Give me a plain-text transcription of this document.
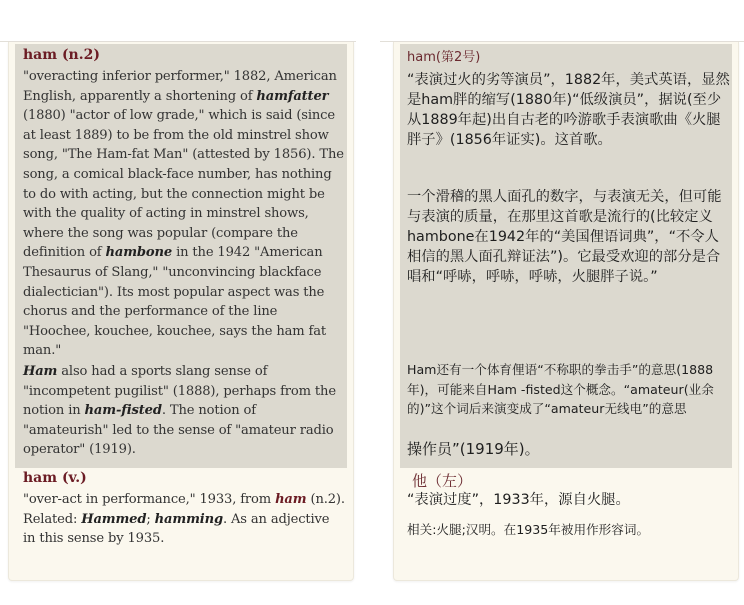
ham (n.2)

"overacting inferior performer," 1882, American English, apparently a shortening of hamfatter (1880) "actor of low grade," which is said (since at least 1889) to be from the old minstrel show song, "The Ham-fat Man" (attested by 1856). The song, a comical black-face number, has nothing to do with acting, but the connection might be with the quality of acting in minstrel shows, where the song was popular (compare the definition of hambone in the 1942 "American Thesaurus of Slang," "unconvincing blackface dialectician"). Its most popular aspect was the chorus and the performance of the line "Hoochee, kouchee, kouchee, says the ham fat man."

Ham also had a sports slang sense of "incompetent pugilist" (1888), perhaps from the notion in ham-fisted. The notion of "amateurish" led to the sense of "amateur radio operator" (1919).

ham (v.)

"over-act in performance," 1933, from ham (n.2). Related: Hammed; hamming. As an adjective in this sense by 1935.

ham(第2号)

“表演过火的劣等演员”，1882年，美式英语，显然是ham胖的缩写(1880年)“低级演员”，据说(至少从1889年起)出自古老的吟游歌手表演歌曲《火腿胖子》(1856年证实)。这首歌。

一个滑稽的黑人面孔的数字，与表演无关，但可能与表演的质量，在那里这首歌是流行的(比较定义hambone在1942年的“美国俚语词典”，“不令人相信的黑人面孔辩证法”)。它最受欢迎的部分是合唱和“呼哧，呼哧，呼哧，火腿胖子说。”

Ham还有一个体育俚语“不称职的拳击手”的意思(1888年)，可能来自Ham -fisted这个概念。“amateur(业余的)”这个词后来演变成了“amateur无线电”的意思

操作员”(1919年)。

他（左）

“表演过度”，1933年，源自火腿。

相关:火腿;汉明。在1935年被用作形容词。
